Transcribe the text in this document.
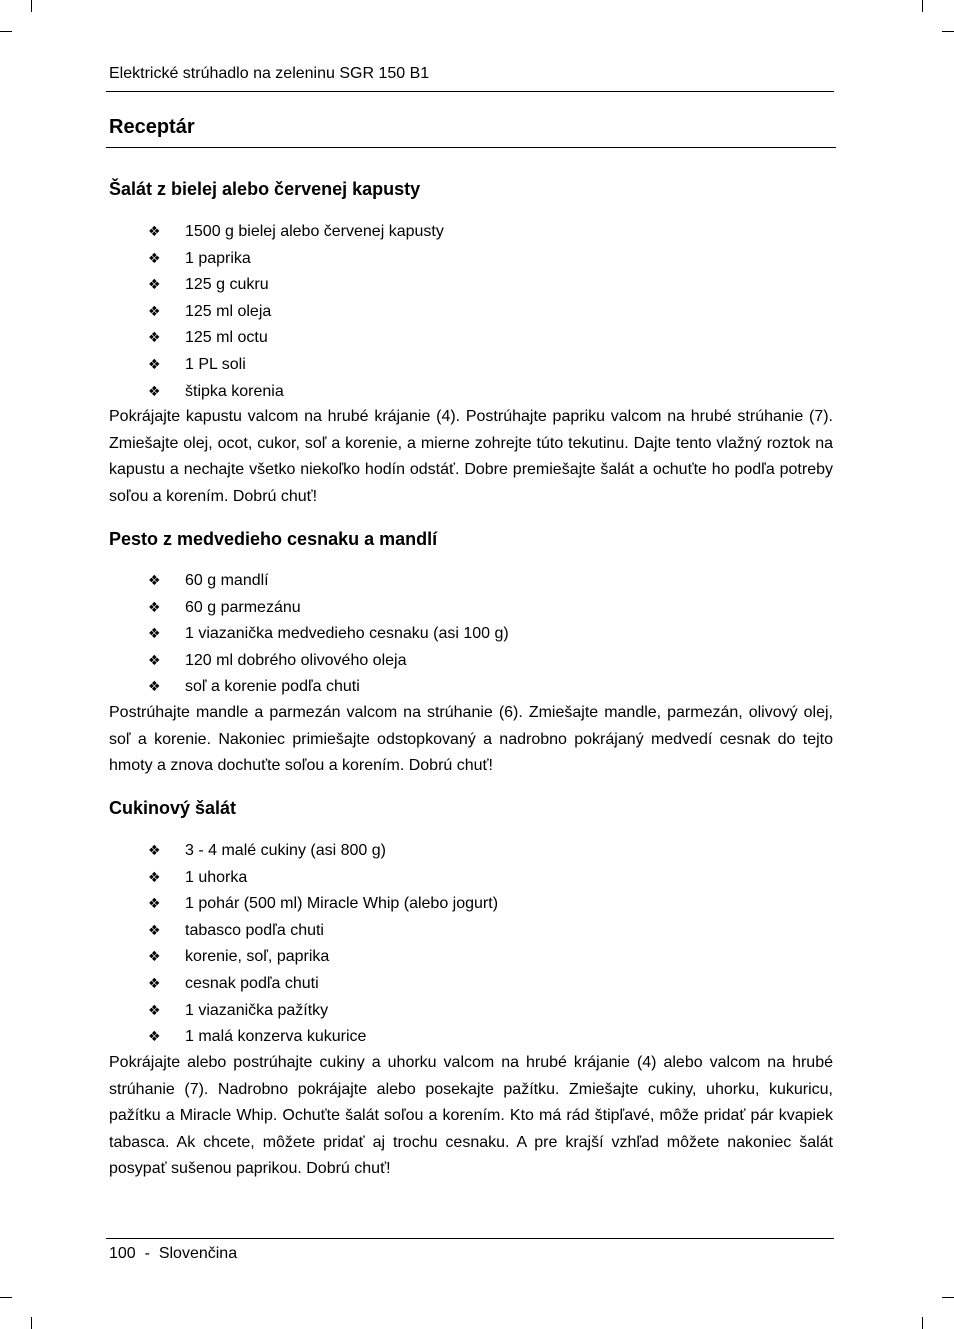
Elektrické strúhadlo na zeleninu SGR 150 B1
Receptár
Šalát z bielej alebo červenej kapusty
❖ 1500 g bielej alebo červenej kapusty
❖ 1 paprika
❖ 125 g cukru
❖ 125 ml oleja
❖ 125 ml octu
❖ 1 PL soli
❖ štipka korenia

Pokrájajte kapustu valcom na hrubé krájanie (4). Postrúhajte papriku valcom na hrubé strúhanie (7). Zmiešajte olej, ocot, cukor, soľ a korenie, a mierne zohrejte túto tekutinu. Dajte tento vlažný roztok na kapustu a nechajte všetko niekoľko hodín odstáť. Dobre premiešajte šalát a ochuťte ho podľa potreby soľou a korením. Dobrú chuť!

Pesto z medvedieho cesnaku a mandlí
❖ 60 g mandlí
❖ 60 g parmezánu
❖ 1 viazanička medvedieho cesnaku (asi 100 g)
❖ 120 ml dobrého olivového oleja
❖ soľ a korenie podľa chuti

Postrúhajte mandle a parmezán valcom na strúhanie (6). Zmiešajte mandle, parmezán, olivový olej, soľ a korenie. Nakoniec primiešajte odstopkovaný a nadrobno pokrájaný medvedí cesnak do tejto hmoty a znova dochuťte soľou a korením. Dobrú chuť!

Cukinový šalát
❖ 3 - 4 malé cukiny (asi 800 g)
❖ 1 uhorka
❖ 1 pohár (500 ml) Miracle Whip (alebo jogurt)
❖ tabasco podľa chuti
❖ korenie, soľ, paprika
❖ cesnak podľa chuti
❖ 1 viazanička pažítky
❖ 1 malá konzerva kukurice

Pokrájajte alebo postrúhajte cukiny a uhorku valcom na hrubé krájanie (4) alebo valcom na hrubé strúhanie (7). Nadrobno pokrájajte alebo posekajte pažítku. Zmiešajte cukiny, uhorku, kukuricu, pažítku a Miracle Whip. Ochuťte šalát soľou a korením. Kto má rád štipľavé, môže pridať pár kvapiek tabasca. Ak chcete, môžete pridať aj trochu cesnaku. A pre krajší vzhľad môžete nakoniec šalát posypať sušenou paprikou. Dobrú chuť!

100 - Slovenčina
